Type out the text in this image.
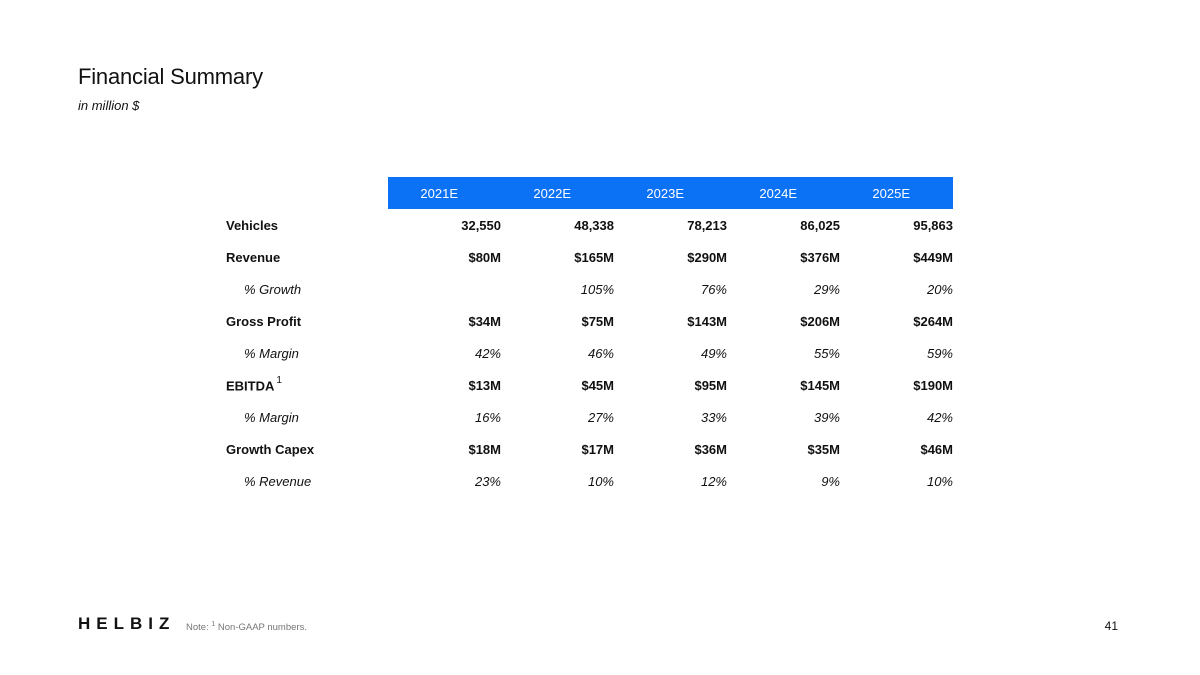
Financial Summary
in million $
	2021E	2022E	2023E	2024E	2025E
Vehicles	32,550	48,338	78,213	86,025	95,863
Revenue	$80M	$165M	$290M	$376M	$449M
% Growth		105%	76%	29%	20%
Gross Profit	$34M	$75M	$143M	$206M	$264M
% Margin	42%	46%	49%	55%	59%
EBITDA $^1$	$13M	$45M	$95M	$145M	$190M
% Margin	16%	27%	33%	39%	42%
Growth Capex	$18M	$17M	$36M	$35M	$46M
% Revenue	23%	10%	12%	9%	10%
HELBIZ Note: $^1$ Non-GAAP numbers.	41
